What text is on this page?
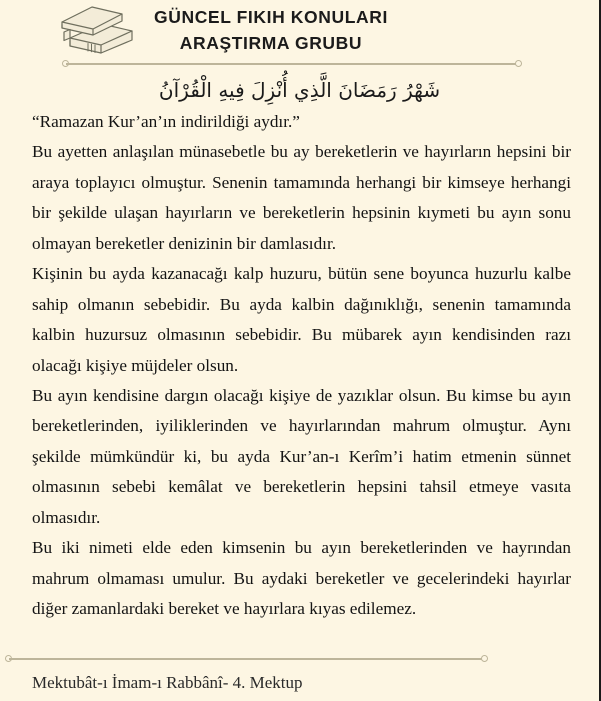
GÜNCEL FIKIH KONULARI
ARAŞTIRMA GRUBU
شَهْرُ رَمَضَانَ الَّذِي أُنْزِلَ فِيهِ الْقُرْآنُ

“Ramazan Kur’an’ın indirildiği aydır.”

Bu ayetten anlaşılan münasebetle bu ay bereketlerin ve hayırların hepsini bir araya toplayıcı olmuştur. Senenin tamamında herhangi bir kimseye herhangi bir şekilde ulaşan hayırların ve bereketlerin hepsinin kıymeti bu ayın sonu olmayan bereketler denizinin bir damlasıdır.

Kişinin bu ayda kazanacağı kalp huzuru, bütün sene boyunca huzurlu kalbe sahip olmanın sebebidir. Bu ayda kalbin dağınıklığı, senenin tamamında kalbin huzursuz olmasının sebebidir. Bu mübarek ayın kendisinden razı olacağı kişiye müjdeler olsun.

Bu ayın kendisine dargın olacağı kişiye de yazıklar olsun. Bu kimse bu ayın bereketlerinden, iyiliklerinden ve hayırlarından mahrum olmuştur. Aynı şekilde mümkündür ki, bu ayda Kur’an-ı Kerîm’i hatim etmenin sünnet olmasının sebebi kemâlat ve bereketlerin hepsini tahsil etmeye vasıta olmasıdır.

Bu iki nimeti elde eden kimsenin bu ayın bereketlerinden ve hayrından mahrum olmaması umulur. Bu aydaki bereketler ve gecelerindeki hayırlar diğer zamanlardaki bereket ve hayırlara kıyas edilemez.

Mektubât-ı İmam-ı Rabbânî- 4. Mektup
